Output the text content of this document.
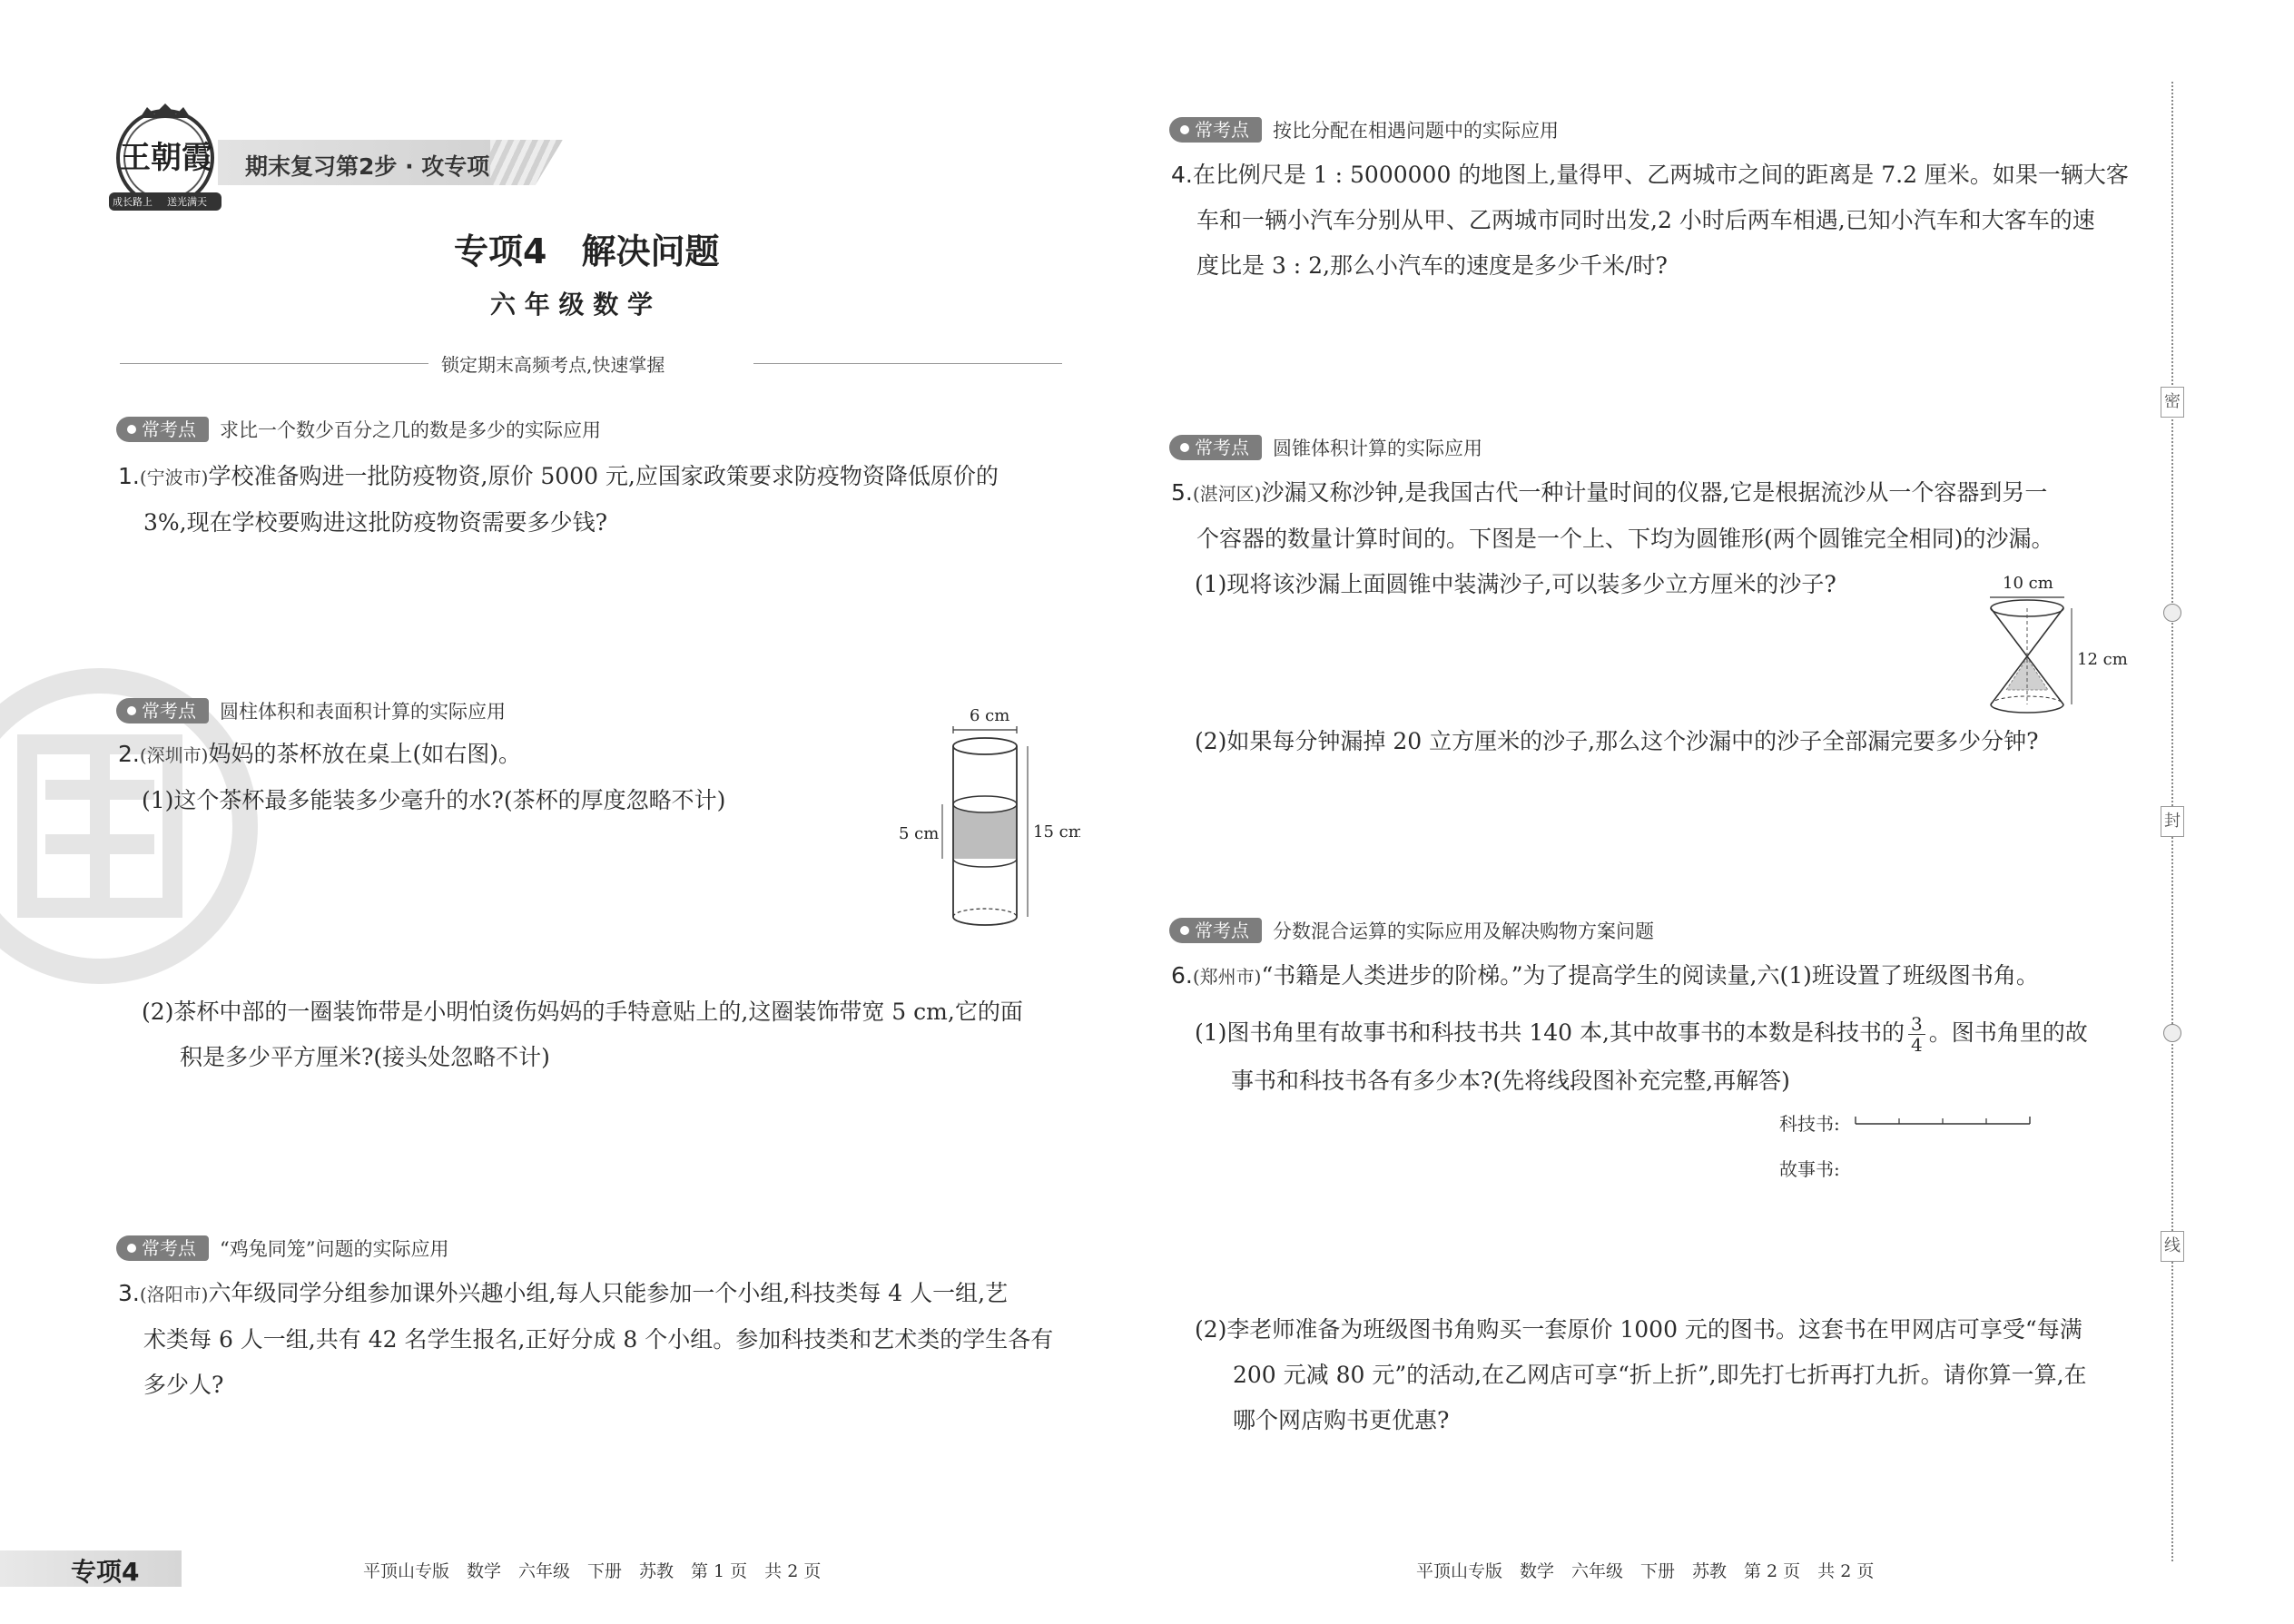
王朝霞
成长路上 送光满天
期末复习第2步 · 攻专项
专项4　解决问题
六 年 级 数 学
锁定期末高频考点,快速掌握
常考点 求比一个数少百分之几的数是多少的实际应用
1.(宁波市)学校准备购进一批防疫物资,原价 5000 元,应国家政策要求防疫物资降低原价的
3%,现在学校要购进这批防疫物资需要多少钱?
常考点 圆柱体积和表面积计算的实际应用
2.(深圳市)妈妈的茶杯放在桌上(如右图)。
(1)这个茶杯最多能装多少毫升的水?(茶杯的厚度忽略不计)
6 cm
5 cm	15 cm
(2)茶杯中部的一圈装饰带是小明怕烫伤妈妈的手特意贴上的,这圈装饰带宽 5 cm,它的面
积是多少平方厘米?(接头处忽略不计)
常考点 “鸡兔同笼”问题的实际应用
3.(洛阳市)六年级同学分组参加课外兴趣小组,每人只能参加一个小组,科技类每 4 人一组,艺
术类每 6 人一组,共有 42 名学生报名,正好分成 8 个小组。参加科技类和艺术类的学生各有
多少人?
专项4	平顶山专版　数学　六年级　下册　苏教　第 1 页　共 2 页
常考点 按比分配在相遇问题中的实际应用
4.在比例尺是 1 : 5000000 的地图上,量得甲、乙两城市之间的距离是 7.2 厘米。如果一辆大客
车和一辆小汽车分别从甲、乙两城市同时出发,2 小时后两车相遇,已知小汽车和大客车的速
度比是 3 : 2,那么小汽车的速度是多少千米/时?
常考点 圆锥体积计算的实际应用
5.(湛河区)沙漏又称沙钟,是我国古代一种计量时间的仪器,它是根据流沙从一个容器到另一
个容器的数量计算时间的。下图是一个上、下均为圆锥形(两个圆锥完全相同)的沙漏。
(1)现将该沙漏上面圆锥中装满沙子,可以装多少立方厘米的沙子?	10 cm
12 cm
(2)如果每分钟漏掉 20 立方厘米的沙子,那么这个沙漏中的沙子全部漏完要多少分钟?
常考点 分数混合运算的实际应用及解决购物方案问题
6.(郑州市)“书籍是人类进步的阶梯。”为了提高学生的阅读量,六(1)班设置了班级图书角。
(1)图书角里有故事书和科技书共 140 本,其中故事书的本数是科技书的 $\frac{3}{4}$ 。图书角里的故
事书和科技书各有多少本?(先将线段图补充完整,再解答)
科技书:
故事书:
(2)李老师准备为班级图书角购买一套原价 1000 元的图书。这套书在甲网店可享受“每满
200 元减 80 元”的活动,在乙网店可享“折上折”,即先打七折再打九折。请你算一算,在
哪个网店购书更优惠?
平顶山专版　数学　六年级　下册　苏教　第 2 页　共 2 页
密
封
线
